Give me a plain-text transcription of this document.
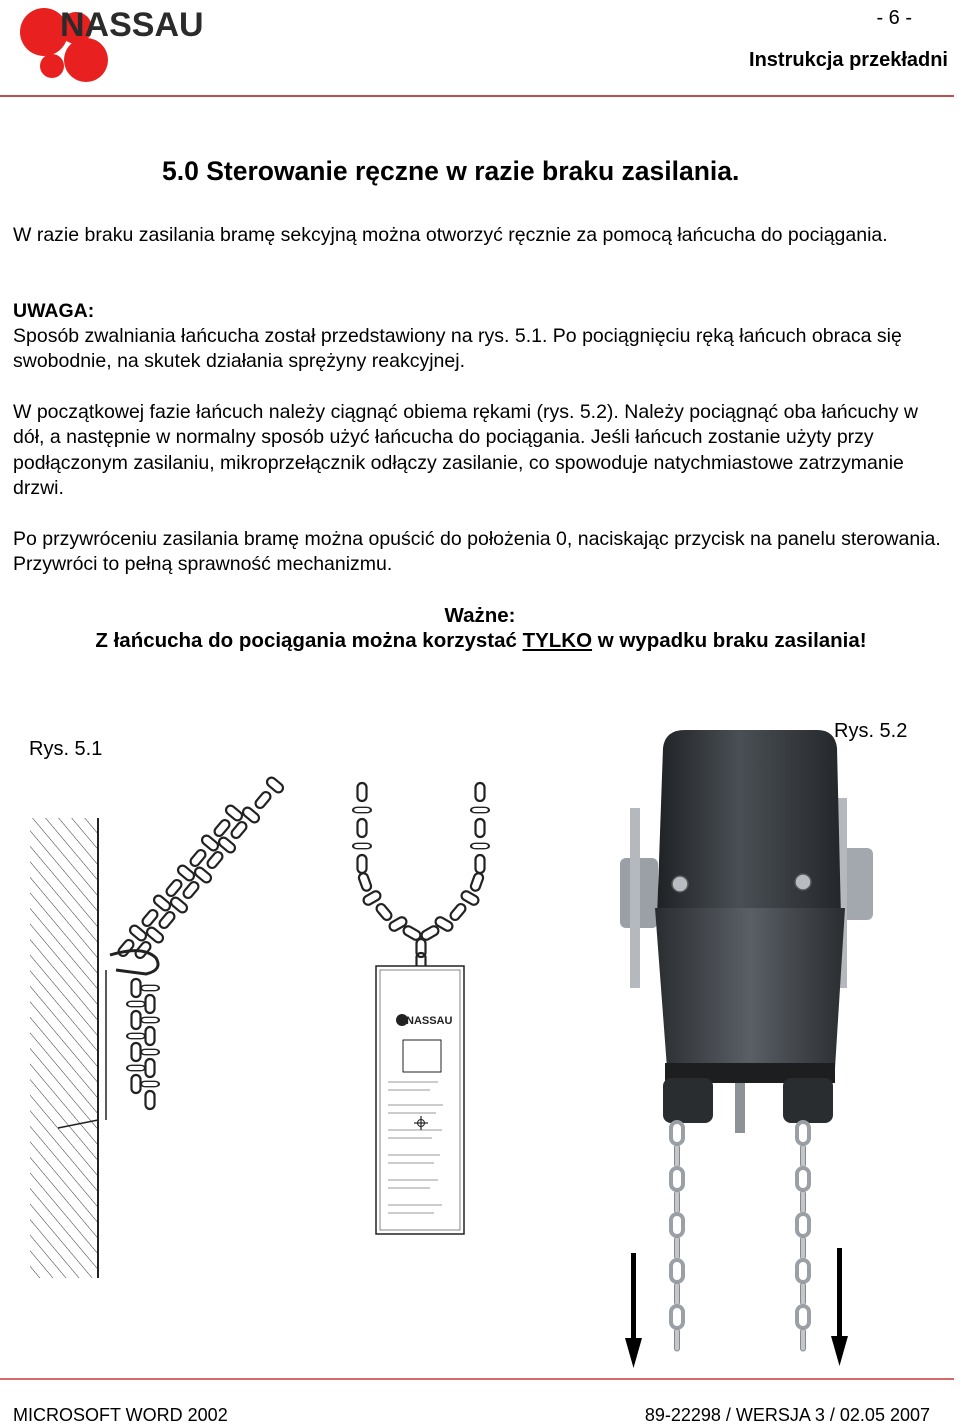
NASSAU	- 6 -
Instrukcja przekładni
5.0 Sterowanie ręczne w razie braku zasilania.
W razie braku zasilania bramę sekcyjną można otworzyć ręcznie za pomocą łańcucha do pociągania.
UWAGA:
Sposób zwalniania łańcucha został przedstawiony na rys. 5.1. Po pociągnięciu ręką łańcuch obraca się swobodnie, na skutek działania sprężyny reakcyjnej.
W początkowej fazie łańcuch należy ciągnąć obiema rękami (rys. 5.2). Należy pociągnąć oba łańcuchy w dół, a następnie w normalny sposób użyć łańcucha do pociągania. Jeśli łańcuch zostanie użyty przy podłączonym zasilaniu, mikroprzełącznik odłączy zasilanie, co spowoduje natychmiastowe zatrzymanie drzwi.
Po przywróceniu zasilania bramę można opuścić do położenia 0, naciskając przycisk na panelu sterowania. Przywróci to pełną sprawność mechanizmu.
Ważne:
Z łańcucha do pociągania można korzystać TYLKO w wypadku braku zasilania!
Rys. 5.1
Rys. 5.2
NASSAU
MICROSOFT WORD 2002	89-22298 / WERSJA 3 / 02.05 2007
